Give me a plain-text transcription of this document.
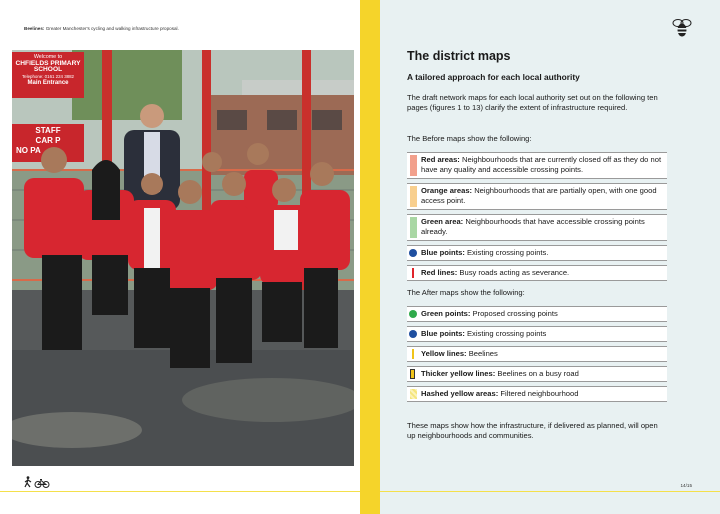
Beelines: Greater Manchester's cycling and walking infrastructure proposal.
Welcome to
CHFIELDS PRIMARY
SCHOOL
Telephone: 0161 224 3882
Main Entrance
STAFF
CAR P
NO PA
The district maps
A tailored approach for each local authority
The draft network maps for each local authority set out on the following ten pages (figures 1 to 13) clarify the extent of infrastructure required.
The Before maps show the following:
Red areas: Neighbourhoods that are currently closed off as they do not have any quality and accessible crossing points.
Orange areas: Neighbourhoods that are partially open, with one good access point.
Green area: Neighbourhoods that have accessible crossing points already.
Blue points: Existing crossing points.
Red lines: Busy roads acting as severance.
The After maps show the following:
Green points: Proposed crossing points
Blue points: Existing crossing points
Yellow lines: Beelines
Thicker yellow lines: Beelines on a busy road
Hashed yellow areas: Filtered neighbourhood
These maps show how the infrastructure, if delivered as planned, will open up neighbourhoods and communities.
14/15
